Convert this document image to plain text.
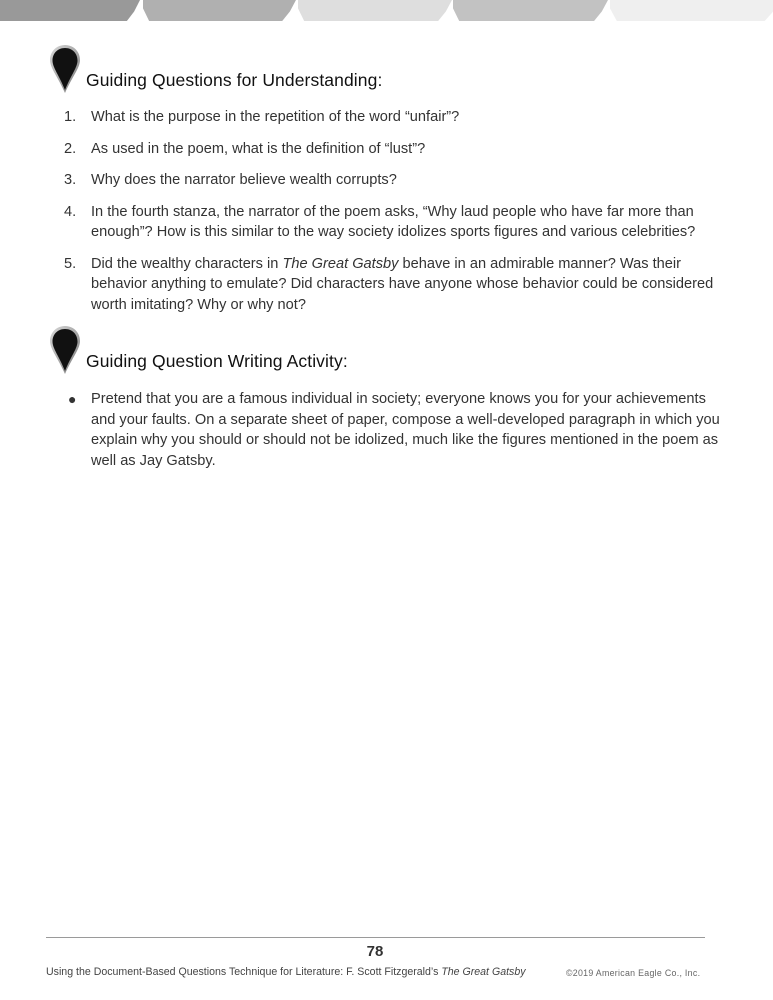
Guiding Questions for Understanding:
1.	What is the purpose in the repetition of the word “unfair”?
2.	As used in the poem, what is the definition of “lust”?
3.	Why does the narrator believe wealth corrupts?
4.	In the fourth stanza, the narrator of the poem asks, “Why laud people who have far more than enough”? How is this similar to the way society idolizes sports figures and various celebrities?
5.	Did the wealthy characters in The Great Gatsby behave in an admirable manner? Was their behavior anything to emulate? Did characters have anyone whose behavior could be considered worth imitating? Why or why not?
Guiding Question Writing Activity:
● Pretend that you are a famous individual in society; everyone knows you for your achievements and your faults. On a separate sheet of paper, compose a well-developed paragraph in which you explain why you should or should not be idolized, much like the figures mentioned in the poem as well as Jay Gatsby.
78
Using the Document-Based Questions Technique for Literature: F. Scott Fitzgerald’s The Great Gatsby	©2019 American Eagle Co., Inc.
